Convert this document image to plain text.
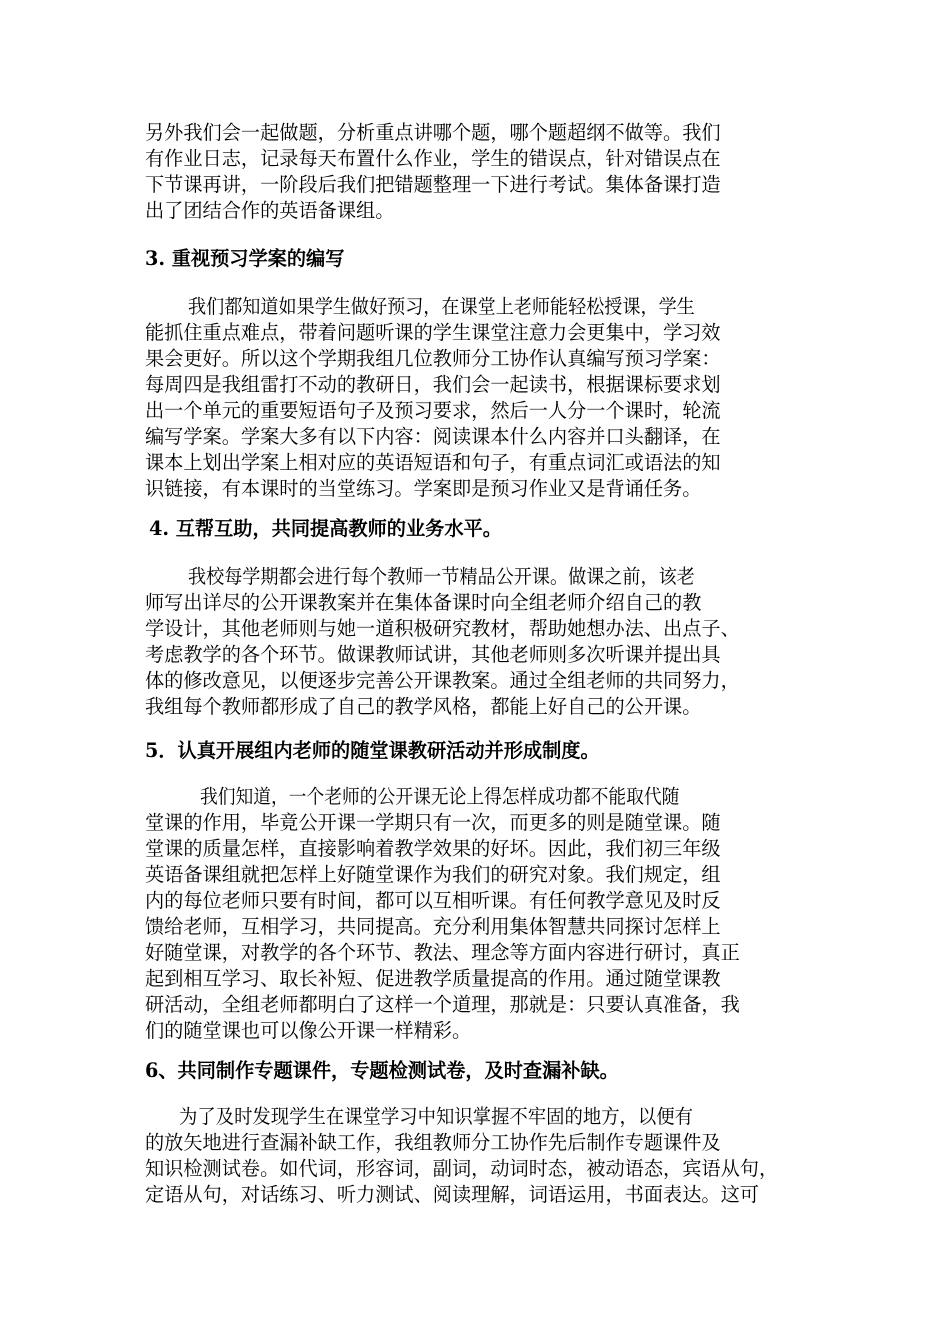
另外我们会一起做题，分析重点讲哪个题，哪个题超纲不做等。我们
有作业日志，记录每天布置什么作业，学生的错误点，针对错误点在
下节课再讲，一阶段后我们把错题整理一下进行考试。集体备课打造
出了团结合作的英语备课组。
3. 重视预习学案的编写
我们都知道如果学生做好预习，在课堂上老师能轻松授课，学生
能抓住重点难点，带着问题听课的学生课堂注意力会更集中，学习效
果会更好。所以这个学期我组几位教师分工协作认真编写预习学案：
每周四是我组雷打不动的教研日，我们会一起读书，根据课标要求划
出一个单元的重要短语句子及预习要求，然后一人分一个课时，轮流
编写学案。学案大多有以下内容：阅读课本什么内容并口头翻译，在
课本上划出学案上相对应的英语短语和句子，有重点词汇或语法的知
识链接，有本课时的当堂练习。学案即是预习作业又是背诵任务。
4. 互帮互助，共同提高教师的业务水平。
我校每学期都会进行每个教师一节精品公开课。做课之前，该老
师写出详尽的公开课教案并在集体备课时向全组老师介绍自己的教
学设计，其他老师则与她一道积极研究教材，帮助她想办法、出点子、
考虑教学的各个环节。做课教师试讲，其他老师则多次听课并提出具
体的修改意见，以便逐步完善公开课教案。通过全组老师的共同努力，
我组每个教师都形成了自己的教学风格，都能上好自己的公开课。
5．认真开展组内老师的随堂课教研活动并形成制度。
我们知道，一个老师的公开课无论上得怎样成功都不能取代随
堂课的作用，毕竟公开课一学期只有一次，而更多的则是随堂课。随
堂课的质量怎样，直接影响着教学效果的好坏。因此，我们初三年级
英语备课组就把怎样上好随堂课作为我们的研究对象。我们规定，组
内的每位老师只要有时间，都可以互相听课。有任何教学意见及时反
馈给老师，互相学习，共同提高。充分利用集体智慧共同探讨怎样上
好随堂课，对教学的各个环节、教法、理念等方面内容进行研讨，真正
起到相互学习、取长补短、促进教学质量提高的作用。通过随堂课教
研活动，全组老师都明白了这样一个道理，那就是：只要认真准备，我
们的随堂课也可以像公开课一样精彩。
6、共同制作专题课件，专题检测试卷，及时查漏补缺。
为了及时发现学生在课堂学习中知识掌握不牢固的地方，以便有
的放矢地进行查漏补缺工作，我组教师分工协作先后制作专题课件及
知识检测试卷。如代词，形容词，副词，动词时态，被动语态，宾语从句，
定语从句，对话练习、听力测试、阅读理解，词语运用，书面表达。这可
